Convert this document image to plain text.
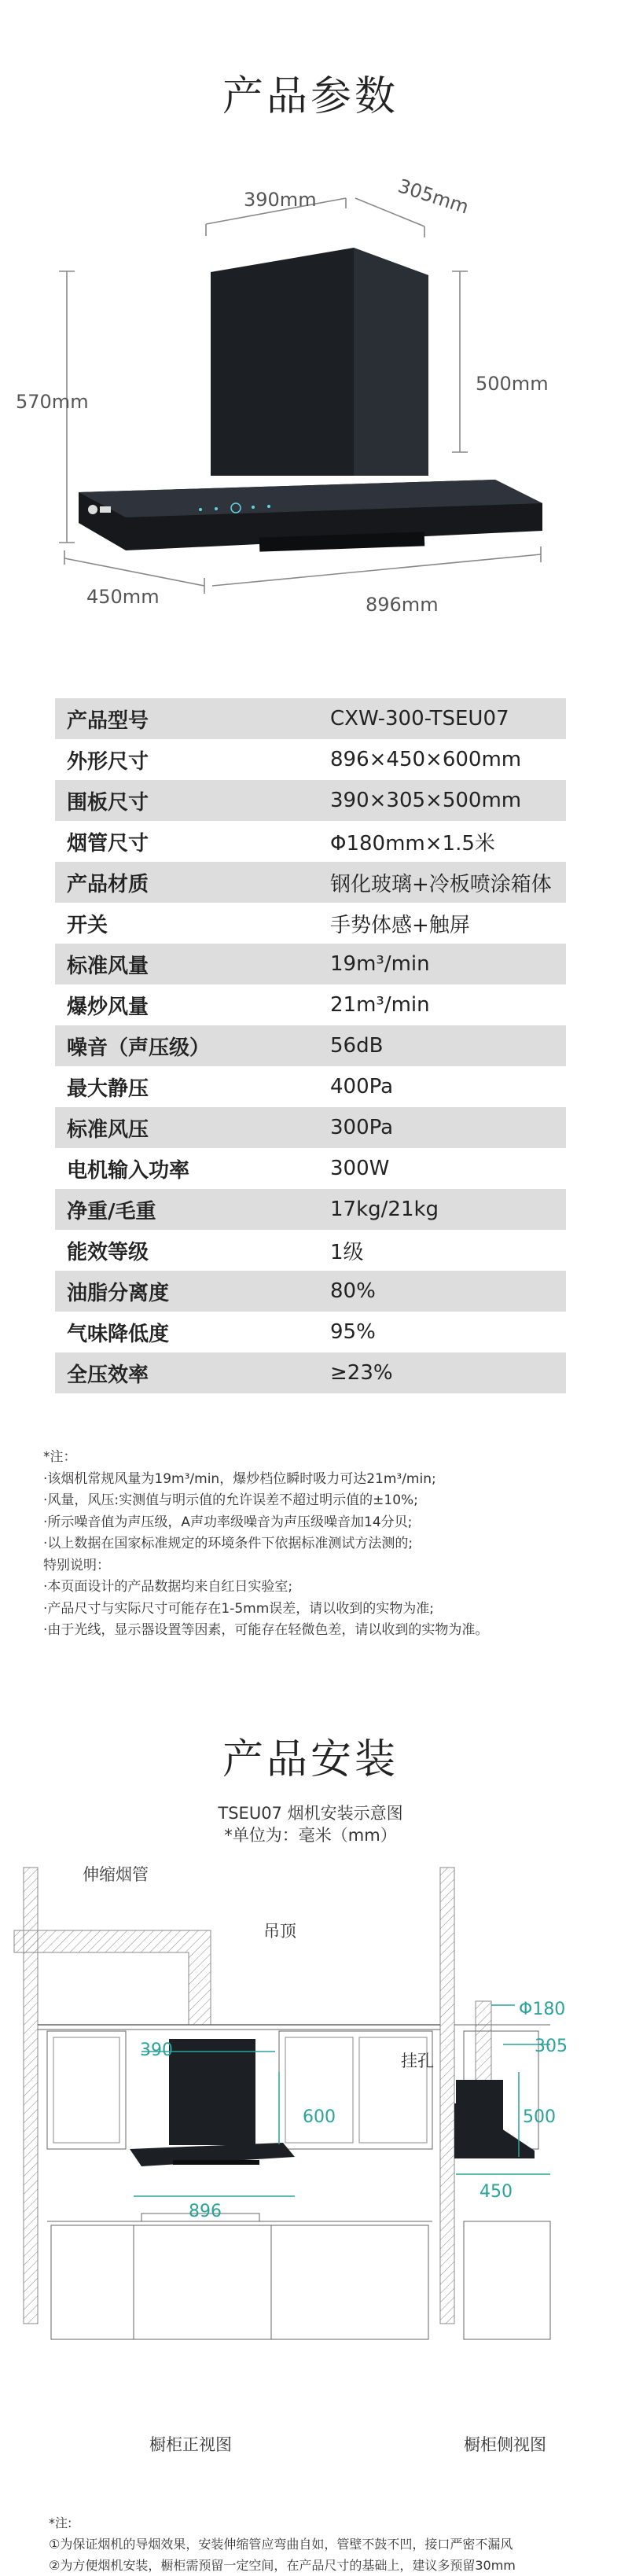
产品参数
390mm	305mm
570mm
500mm
450mm	896mm
产品型号	CXW-300-TSEU07
外形尺寸	896×450×600mm
围板尺寸	390×305×500mm
烟管尺寸	Φ180mm×1.5米
产品材质	钢化玻璃+冷板喷涂箱体
开关	手势体感+触屏
标准风量	19m³/min
爆炒风量	21m³/min
噪音（声压级）	56dB
最大静压	400Pa
标准风压	300Pa
电机输入功率	300W
净重/毛重	17kg/21kg
能效等级	1级
油脂分离度	80%
气味降低度	95%
全压效率	≥23%
*注：
·该烟机常规风量为19m³/min，爆炒档位瞬时吸力可达21m³/min;
·风量，风压:实测值与明示值的允许误差不超过明示值的±10%;
·所示噪音值为声压级，A声功率级噪音为声压级噪音加14分贝;
·以上数据在国家标准规定的环境条件下依据标准测试方法测的;
特别说明：
·本页面设计的产品数据均来自红日实验室;
·产品尺寸与实际尺寸可能存在1-5mm误差，请以收到的实物为准;
·由于光线，显示器设置等因素，可能存在轻微色差，请以收到的实物为准。
产品安装
TSEU07 烟机安装示意图
*单位为：毫米（mm）
伸缩烟管
吊顶
挂孔
390
600
896
Φ180
305
500
450
橱柜正视图	橱柜侧视图
*注:
①为保证烟机的导烟效果，安装伸缩管应弯曲自如，管壁不鼓不凹，接口严密不漏风
②为方便烟机安装，橱柜需预留一定空间，在产品尺寸的基础上，建议多预留30mm
